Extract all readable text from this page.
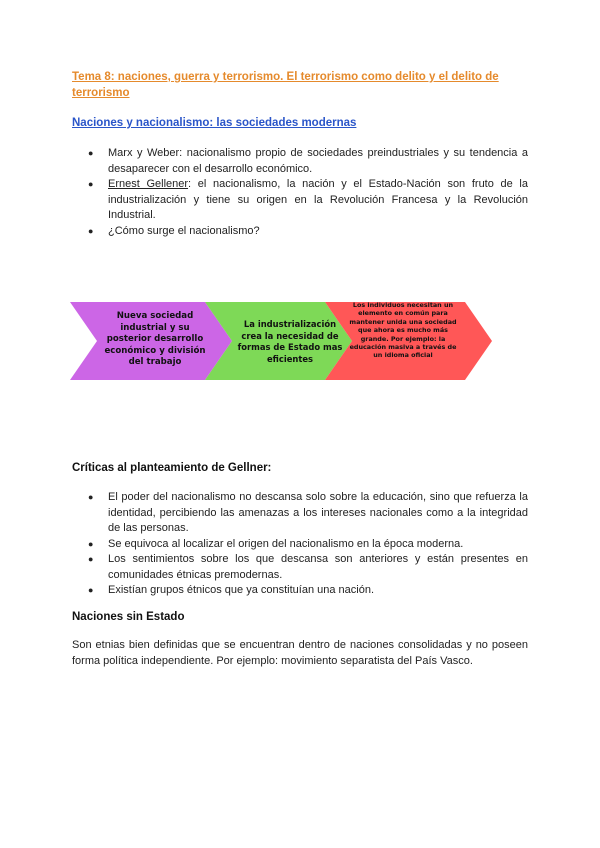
Tema 8: naciones, guerra y terrorismo. El terrorismo como delito y el delito de terrorismo
Naciones y nacionalismo: las sociedades modernas
● Marx y Weber: nacionalismo propio de sociedades preindustriales y su tendencia a desaparecer con el desarrollo económico.
● Ernest Gellener: el nacionalismo, la nación y el Estado-Nación son fruto de la industrialización y tiene su origen en la Revolución Francesa y la Revolución Industrial.
● ¿Cómo surge el nacionalismo?
Nueva sociedad industrial y su posterior desarrollo económico y división del trabajo
La industrialización crea la necesidad de formas de Estado mas eficientes
Los individuos necesitan un elemento en común para mantener unida una sociedad que ahora es mucho más grande. Por ejemplo: la educación masiva a través de un idioma oficial
Críticas al planteamiento de Gellner:
● El poder del nacionalismo no descansa solo sobre la educación, sino que refuerza la identidad, percibiendo las amenazas a los intereses nacionales como a la integridad de las personas.
● Se equivoca al localizar el origen del nacionalismo en la época moderna.
● Los sentimientos sobre los que descansa son anteriores y están presentes en comunidades étnicas premodernas.
● Existían grupos étnicos que ya constituían una nación.
Naciones sin Estado
Son etnias bien definidas que se encuentran dentro de naciones consolidadas y no poseen forma política independiente. Por ejemplo: movimiento separatista del País Vasco.
